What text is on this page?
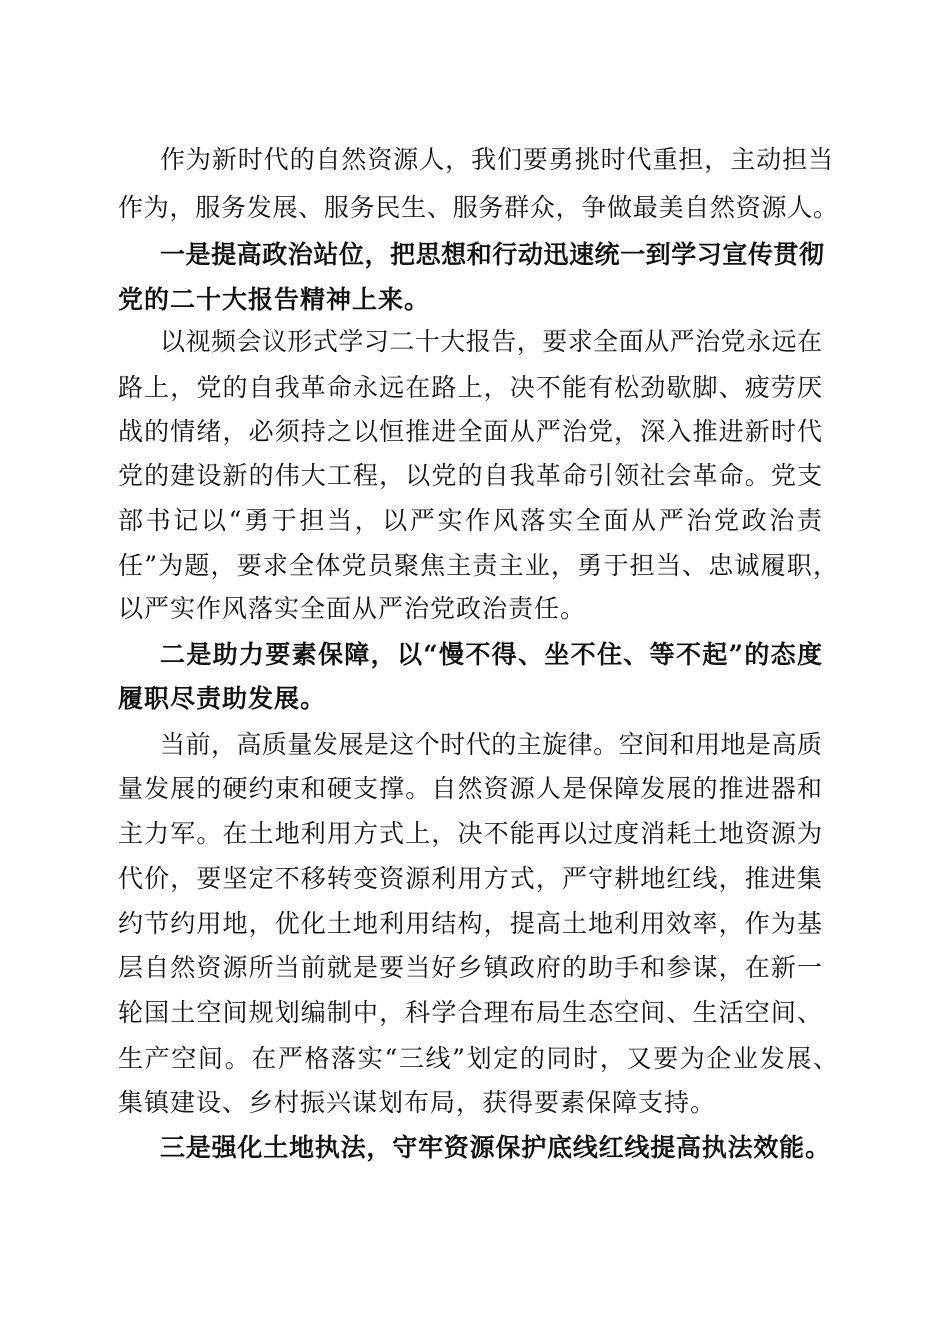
作为新时代的自然资源人，我们要勇挑时代重担，主动担当
作为，服务发展、服务民生、服务群众，争做最美自然资源人。
一是提高政治站位，把思想和行动迅速统一到学习宣传贯彻
党的二十大报告精神上来。
以视频会议形式学习二十大报告，要求全面从严治党永远在
路上，党的自我革命永远在路上，决不能有松劲歇脚、疲劳厌
战的情绪，必须持之以恒推进全面从严治党，深入推进新时代
党的建设新的伟大工程，以党的自我革命引领社会革命。党支
部书记以“勇于担当，以严实作风落实全面从严治党政治责
任”为题，要求全体党员聚焦主责主业，勇于担当、忠诚履职，
以严实作风落实全面从严治党政治责任。
二是助力要素保障，以“慢不得、坐不住、等不起”的态度
履职尽责助发展。
当前，高质量发展是这个时代的主旋律。空间和用地是高质
量发展的硬约束和硬支撑。自然资源人是保障发展的推进器和
主力军。在土地利用方式上，决不能再以过度消耗土地资源为
代价，要坚定不移转变资源利用方式，严守耕地红线，推进集
约节约用地，优化土地利用结构，提高土地利用效率，作为基
层自然资源所当前就是要当好乡镇政府的助手和参谋，在新一
轮国土空间规划编制中，科学合理布局生态空间、生活空间、
生产空间。在严格落实“三线”划定的同时，又要为企业发展、
集镇建设、乡村振兴谋划布局，获得要素保障支持。
三是强化土地执法，守牢资源保护底线红线提高执法效能。
